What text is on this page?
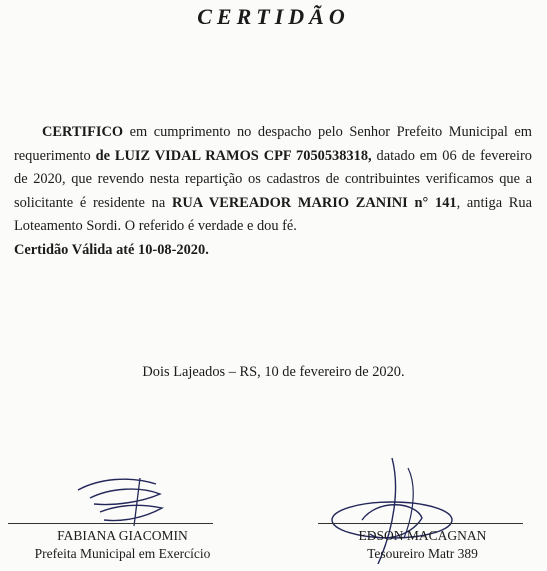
CERTIDÃO

CERTIFICO em cumprimento no despacho pelo Senhor Prefeito Municipal em requerimento de LUIZ VIDAL RAMOS CPF 7050538318, datado em 06 de fevereiro de 2020, que revendo nesta repartição os cadastros de contribuintes verificamos que a solicitante é residente na RUA VEREADOR MARIO ZANINI n° 141, antiga Rua Loteamento Sordi. O referido é verdade e dou fé.

Certidão Válida até 10-08-2020.
Dois Lajeados – RS, 10 de fevereiro de 2020.
FABIANA GIACOMIN
Prefeita Municipal em Exercício
EDSON MACAGNAN
Tesoureiro Matr 389
